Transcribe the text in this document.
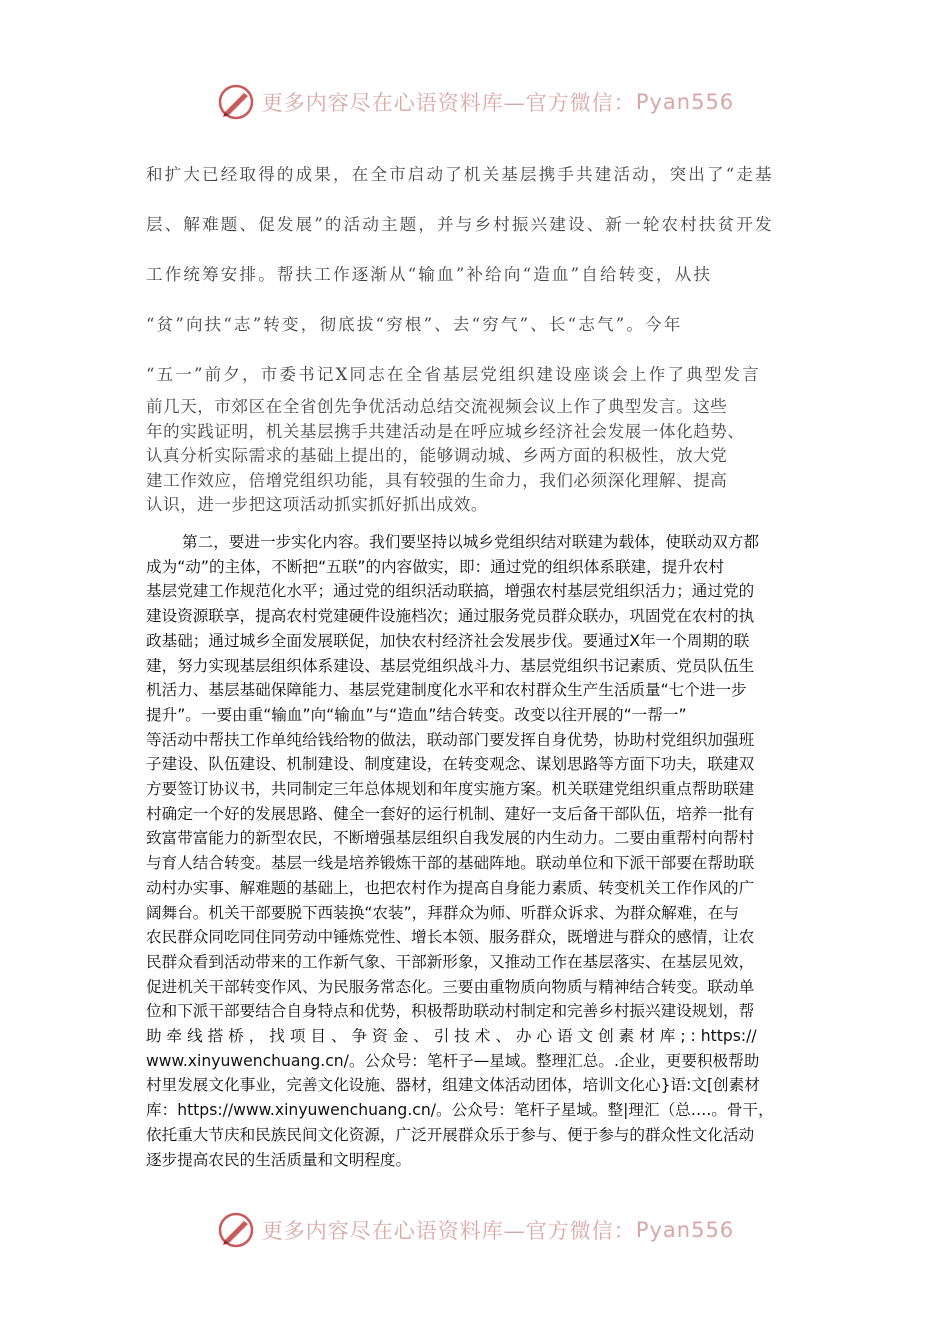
更多内容尽在心语资料库—官方微信： Pyan556
和扩大已经取得的成果，在全市启动了机关基层携手共建活动，突出了“走基
层、解难题、促发展”的活动主题，并与乡村振兴建设、新一轮农村扶贫开发
工作统筹安排。帮扶工作逐渐从“输血”补给向“造血”自给转变，从扶
“贫”向扶“志”转变，彻底拔“穷根”、去“穷气”、长“志气”。今年
“五一”前夕，市委书记X同志在全省基层党组织建设座谈会上作了典型发言
前几天，市郊区在全省创先争优活动总结交流视频会议上作了典型发言。这些
年的实践证明，机关基层携手共建活动是在呼应城乡经济社会发展一体化趋势、
认真分析实际需求的基础上提出的，能够调动城、乡两方面的积极性，放大党
建工作效应，倍增党组织功能，具有较强的生命力，我们必须深化理解、提高
认识，进一步把这项活动抓实抓好抓出成效。
第二，要进一步实化内容。我们要坚持以城乡党组织结对联建为载体，使联动双方都
成为“动”的主体，不断把“五联”的内容做实，即：通过党的组织体系联建，提升农村
基层党建工作规范化水平；通过党的组织活动联搞，增强农村基层党组织活力；通过党的
建设资源联享，提高农村党建硬件设施档次；通过服务党员群众联办，巩固党在农村的执
政基础；通过城乡全面发展联促，加快农村经济社会发展步伐。要通过X年一个周期的联
建，努力实现基层组织体系建设、基层党组织战斗力、基层党组织书记素质、党员队伍生
机活力、基层基础保障能力、基层党建制度化水平和农村群众生产生活质量“七个进一步
提升”。一要由重“输血”向“输血”与“造血”结合转变。改变以往开展的“一帮一”
等活动中帮扶工作单纯给钱给物的做法，联动部门要发挥自身优势，协助村党组织加强班
子建设、队伍建设、机制建设、制度建设，在转变观念、谋划思路等方面下功夫，联建双
方要签订协议书，共同制定三年总体规划和年度实施方案。机关联建党组织重点帮助联建
村确定一个好的发展思路、健全一套好的运行机制、建好一支后备干部队伍，培养一批有
致富带富能力的新型农民，不断增强基层组织自我发展的内生动力。二要由重帮村向帮村
与育人结合转变。基层一线是培养锻炼干部的基础阵地。联动单位和下派干部要在帮助联
动村办实事、解难题的基础上，也把农村作为提高自身能力素质、转变机关工作作风的广
阔舞台。机关干部要脱下西装换“农装”，拜群众为师、听群众诉求、为群众解难，在与
农民群众同吃同住同劳动中锤炼党性、增长本领、服务群众，既增进与群众的感情，让农
民群众看到活动带来的工作新气象、干部新形象，又推动工作在基层落实、在基层见效，
促进机关干部转变作风、为民服务常态化。三要由重物质向物质与精神结合转变。联动单
位和下派干部要结合自身特点和优势，积极帮助联动村制定和完善乡村振兴建设规划，帮
助 牵 线 搭 桥 ， 找 项 目 、 争 资 金 、 引 技 术 、 办 心 语 文 创 素 材 库 ; : https://
www.xinyuwenchuang.cn/。公众号：笔杆子—星域。整理汇总。.企业，更要积极帮助
村里发展文化事业，完善文化设施、器材，组建文体活动团体，培训文化心}语:文[创素材
库：https://www.xinyuwenchuang.cn/。公众号：笔杆子星域。整|理汇（总….。骨干，
依托重大节庆和民族民间文化资源，广泛开展群众乐于参与、便于参与的群众性文化活动
逐步提高农民的生活质量和文明程度。
更多内容尽在心语资料库—官方微信： Pyan556
